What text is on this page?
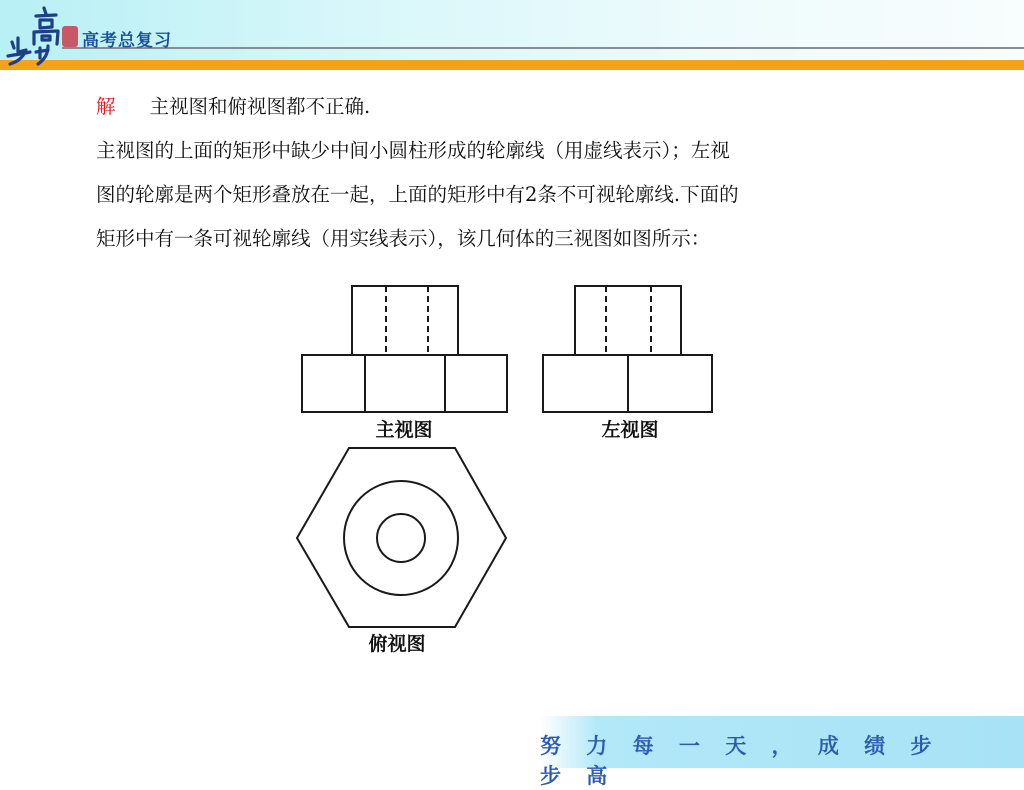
高考总复习

解 主视图和俯视图都不正确.

主视图的上面的矩形中缺少中间小圆柱形成的轮廓线（用虚线表示）；左视

图的轮廓是两个矩形叠放在一起，上面的矩形中有2条不可视轮廓线.下面的

矩形中有一条可视轮廓线（用实线表示），该几何体的三视图如图所示：

主视图	左视图
俯视图
努 力 每 一 天 ， 成 绩 步 步 高
